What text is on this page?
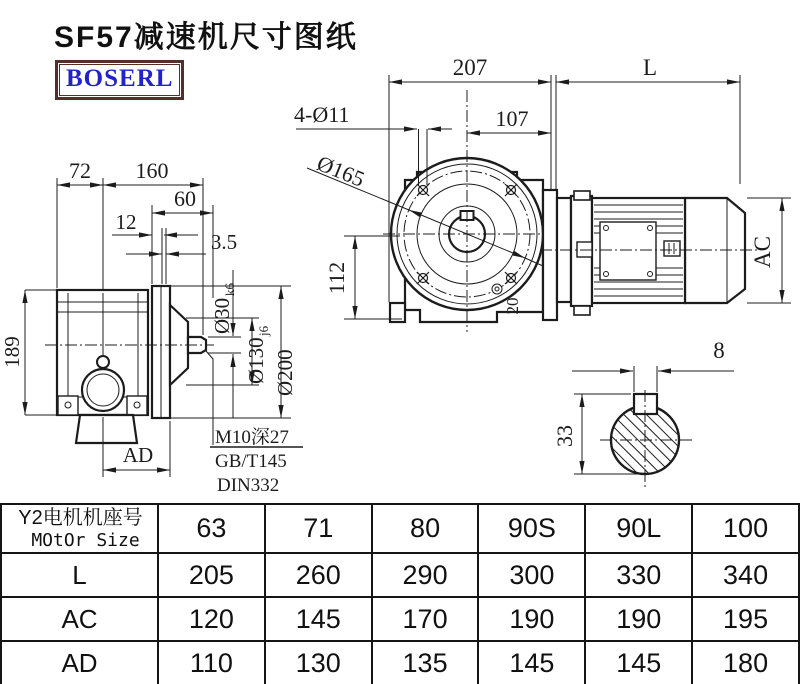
SF57减速机尺寸图纸
BOSERL
72 160
60
12
3.5
189
AD
Ø30
k6
Ø130
j6
Ø200
M10深27
GB/T145
DIN332
207	L
107
4-Ø11
Ø165
112
20
AC
8
33
Y2电机机座号
MOtOr Size	63	71	80	90S	90L	100
L	205	260	290	300	330	340
AC	120	145	170	190	190	195
AD	110	130	135	145	145	180
